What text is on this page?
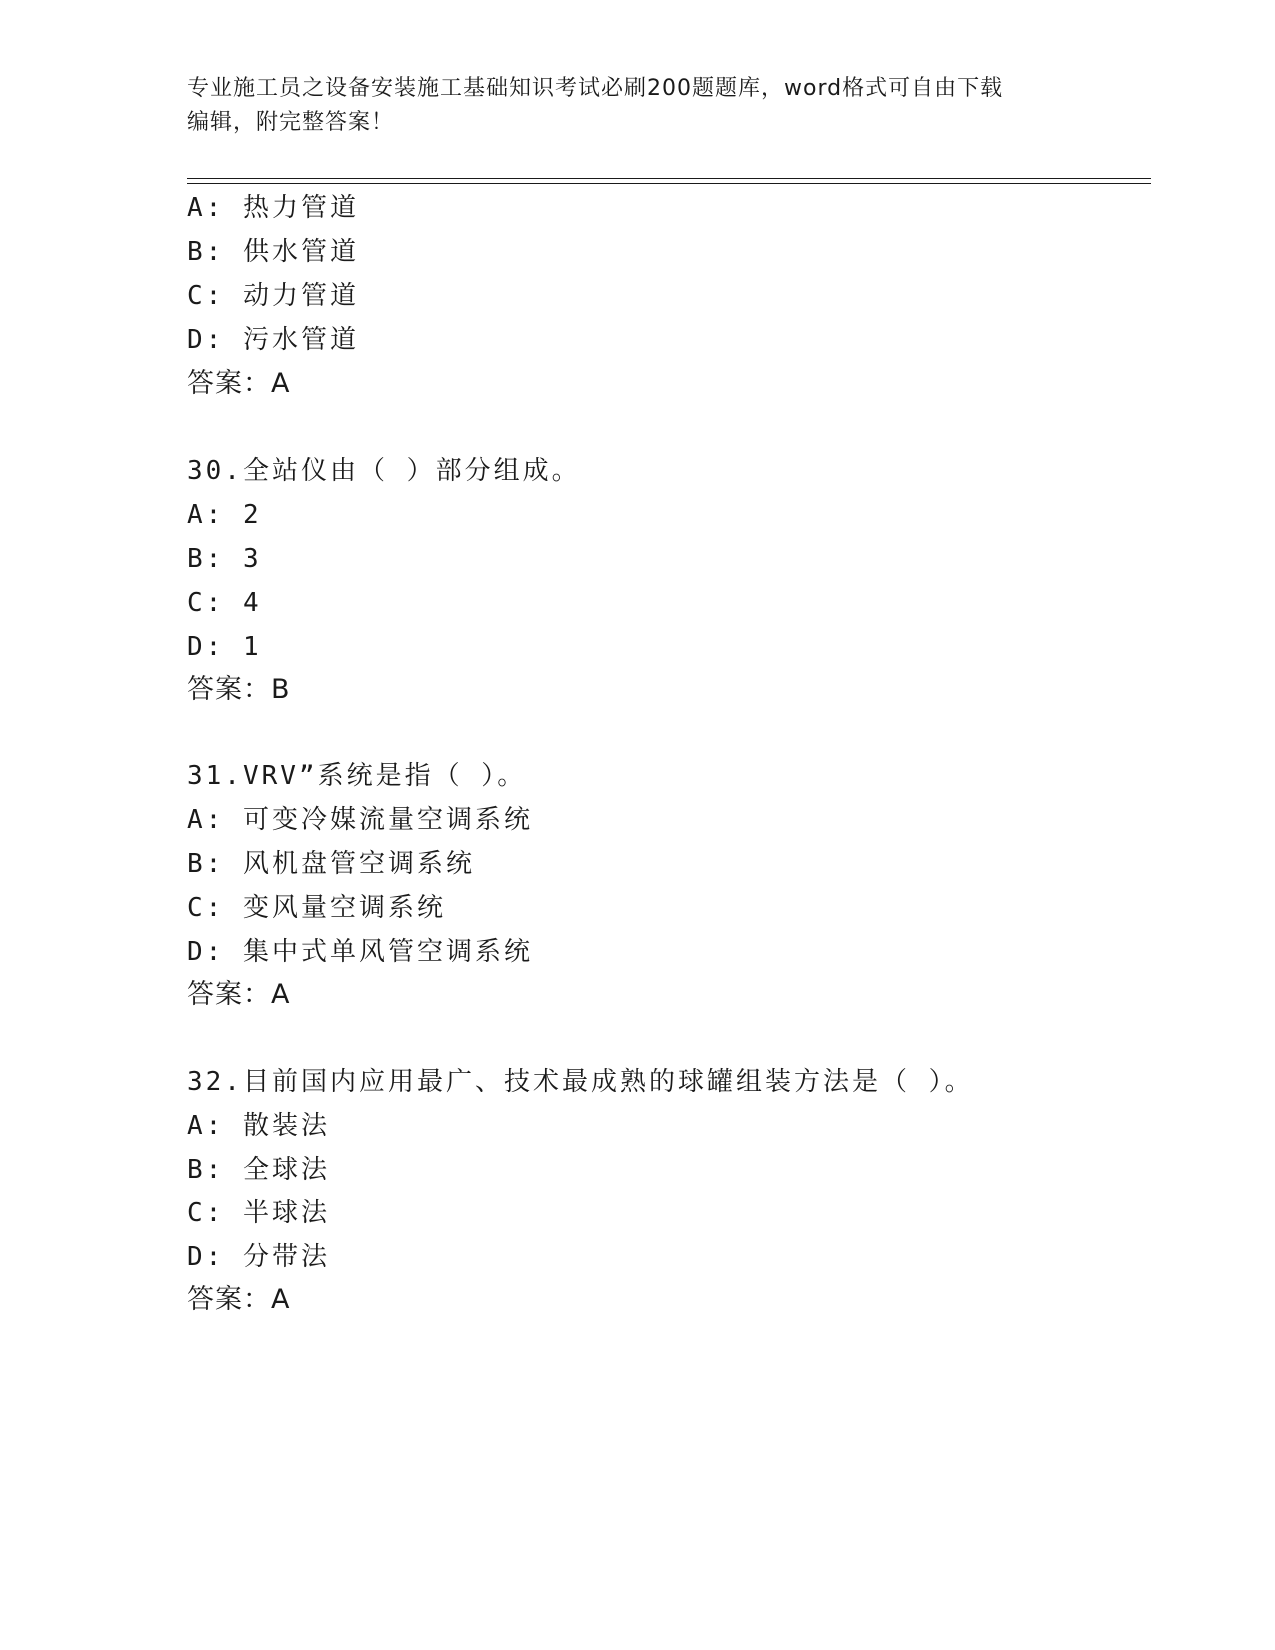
专业施工员之设备安装施工基础知识考试必刷200题题库，word格式可自由下载
编辑，附完整答案！
A: 热力管道
B: 供水管道
C: 动力管道
D: 污水管道
答案：A
30.全站仪由（ ）部分组成。
A: 2
B: 3
C: 4
D: 1
答案：B
31.VRV”系统是指（ ）。
A: 可变冷媒流量空调系统
B: 风机盘管空调系统
C: 变风量空调系统
D: 集中式单风管空调系统
答案：A
32.目前国内应用最广、技术最成熟的球罐组装方法是（ ）。
A: 散装法
B: 全球法
C: 半球法
D: 分带法
答案：A
